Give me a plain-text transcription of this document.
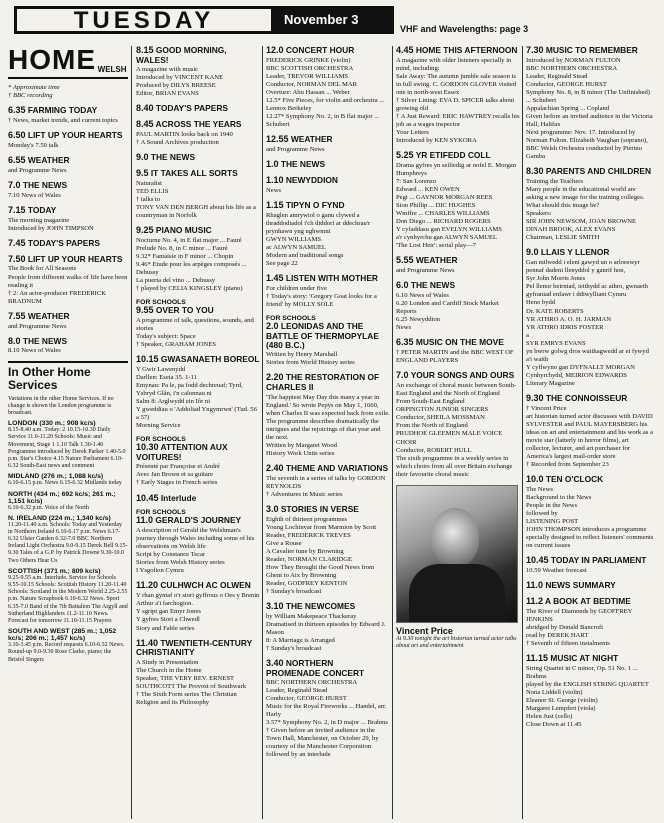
TUESDAY	November 3
VHF and Wavelengths: page 3
HOME WELSH
* Approximate time
† BBC recording
6.35 FARMING TODAY
† News, market trends, and current topics
6.50 LIFT UP YOUR HEARTS
Monday's 7.50 talk
6.55 WEATHER
and Programme News
7.0 THE NEWS
7.10 News of Wales
7.15 TODAY
The morning magazine
Introduced by JOHN TIMPSON
7.45 TODAY'S PAPERS
7.50 LIFT UP YOUR HEARTS
The Book for All Seasons
People from different walks of life have been reading it
† 2: An actor-producer FREDERICK BRADNUM
7.55 WEATHER
and Programme News
8.0 THE NEWS
8.10 News of Wales
In Other Home Services
Variations in the other Home Services. If no change is shown the London programme is broadcast.
LONDON (330 m.; 908 kc/s)
8.15-8.40 a.m. Today: 2 10.15-10.30 Daily Service 11.0-11.20 Schools: Music and Movement, Stage 1 1.10 Talk 1.30-1.40 Programme introduced by Derek Parker 1.40-5.0 p.m. Star's Choice 4.15 Nature Parliament 6.10-6.32 South-East news and comment
MIDLAND (276 m.; 1,088 kc/s)
6.10-6.15 p.m. News 6.15-6.32 Midlands today
NORTH (434 m.; 692 kc/s; 261 m.; 1,151 kc/s)
6.10-6.32 p.m. Voice of the North
N. IRELAND (224 m.; 1,340 kc/s)
11.20-11.40 a.m. Schools: Today and Yesterday in Northern Ireland 6.10-6.17 p.m. News 6.17-6.32 Ulster Garden 6.32-7.0 BBC Northern Ireland Light Orchestra 9.0-9.15 Derek Bell 9.15-9.30 Tales of a G.P. by Patrick Downe 9.30-10.0 Two Others Hear Us
SCOTTISH (371 m.; 809 kc/s)
9.25-9.55 a.m. Interlude. Service for Schools 9.55-10.15 Schools: Scottish History 11.20-11.40 Schools: Scotland in the Modern World 2.25-2.55 p.m. Nature Scrapbook 6.10-6.32 News. Sport 6.35-7.0 Band of the 7th Battalion The Argyll and Sutherland Highlanders 11.2-11.10 News. Forecast for tomorrow 11.10-11.15 Prayers
SOUTH AND WEST (285 m.; 1,052 kc/s; 206 m.; 1,457 kc/s)
3.10-3.45 p.m. Record requests 6.10-6.32 News. Round-up 9.0-9.30 Rose Clarke, piano; the Bristol Singers
8.15 GOOD MORNING, WALES!
A magazine with music
Introduced by VINCENT KANE
Produced by DILYS BREESE
Editor, BRIAN EVANS
8.40 TODAY'S PAPERS
8.45 ACROSS THE YEARS
PAUL MARTIN looks back on 1940
† A Sound Archives production
9.0 THE NEWS
9.5 IT TAKES ALL SORTS
Naturalist
TED ELLIS
† talks to
TONY VAN DEN BERGH about his life as a countryman in Norfolk
9.25 PIANO MUSIC
Nocturne No. 4, in E flat major ... Fauré
Prelude No. 8, in C minor ... Fauré
9.32* Fantaisie in F minor ... Chopin
9.46* Etude pour les arpèges composés ... Debussy
La puerta del vino ... Debussy
† played by CELIA KINGSLEY (piano)
FOR SCHOOLS
9.55 OVER TO YOU
A programme of talk, questions, sounds, and stories
Today's subject: Space
† Speaker, GRAHAM JONES
10.15 GWASANAETH BOREOL
Y Gwir Lawenydd
Darllen: Eseia 35. 1-11
Emynau: Pa le, pa fodd dechreuaf; Tyrd, Ysbryd Glân, i'n calonnau ni
Salm 8: Arglwydd ein Iôr ni
Y gweddïau o 'Addoliad Yngymrwn' (Tud. 56 a 57)
Morning Service
FOR SCHOOLS
10.30 ATTENTION AUX VOITURES!
Présenté par Françoise et André
Avec Jan Brown et sa guitare
† Early Stages in French series
10.45 Interlude
FOR SCHOOLS
11.0 GERALD'S JOURNEY
A description of Gerald the Welshman's journey through Wales including some of his observations on Welsh life
Script by Constance Tecar
Stories from Welsh History series
I Ysgolion Cymru
11.20 CULHWCH AC OLWEN
Y rhan gyntaf o'r stori gyffrous o Oes y Brenin Arthur a'i farchogion.
Y sgript gan Emyr Jones
Y gyfres Stori a Chwedl
Story and Fable series
11.40 TWENTIETH-CENTURY CHRISTIANITY
A Study in Presentation
The Church in the Home
Speaker, THE VERY REV. ERNEST SOUTHCOTT The Provost of Southwark
† The Sixth Form series The Christian Religion and its Philosophy
12.0 CONCERT HOUR
FREDERICK GRINKE (violin)
BBC SCOTTISH ORCHESTRA
Leader, TREVOR WILLIAMS
Conductor, NORMAN DEL MAR
Overture: Abu Hassan ... Weber
12.5* Five Pieces, for violin and orchestra ... Lennox Berkeley
12.27* Symphony No. 2, in B flat major ... Schubert
12.55 WEATHER
and Programme News
1.0 THE NEWS
1.10 NEWYDDION
News
1.15 TIPYN O FYND
Rhaglen amrywiol o ganu clywed a thraddodiadol i'ch diddori ar ddechrau'r prynhawn yng nghwmni
GWYN WILLIAMS
ac ALWYN SAMUEL
Modern and traditional songs
See page 22
1.45 LISTEN WITH MOTHER
For children under five
† Today's story: 'Gregory Goat looks for a friend' by MOLLY SOLE
FOR SCHOOLS
2.0 LEONIDAS AND THE BATTLE OF THERMOPYLAE (480 B.C.)
Written by Henry Marshall
Stories from World History series
2.20 THE RESTORATION OF CHARLES II
'The happiest May Day this many a year in England.' So wrote Pepys on May 1, 1660, when Charles II was expected back from exile. The programme describes dramatically the intrigues and the rejoicings of that year and the next.
Written by Margaret Wood
History Work Units series
2.40 THEME AND VARIATIONS
The seventh in a series of talks by GORDON REYNOLDS
† Adventures in Music series
3.0 STORIES IN VERSE
Eighth of thirteen programmes
Young Lochinvar from Marmion by Scott
Reader, FREDERICK TREVES
Give a Rouse
A Cavalier tune by Browning
Reader, NORMAN CLARIDGE
How They Brought the Good News from Ghent to Aix by Browning
Reader, GODFREY KENTON
† Sunday's broadcast
3.10 THE NEWCOMES
by William Makepeace Thackeray
Dramatised in thirteen episodes by Edward J. Mason
8: A Marriage is Arranged
† Sunday's broadcast
3.40 NORTHERN PROMENADE CONCERT
BBC NORTHERN ORCHESTRA
Leader, Reginald Stead
Conductor, GEORGE HURST
Music for the Royal Fireworks ... Handel, arr. Harty
3.57* Symphony No. 2, in D major ... Brahms
† Given before an invited audience in the Town Hall, Manchester, on October 29, by courtesy of the Manchester Corporation
followed by an interlude
4.45 HOME THIS AFTERNOON
A magazine with older listeners specially in mind, including:
Sale Away: The autumn jumble sale season is in full swing. C. GORDON GLOVER visited one in north-west Essex
† Silver Lining: EVA D. SPICER talks about growing old
† A Just Reward: ERIC HAWTREY recalls his job as a wages inspector
Your Letters
Introduced by KEN SYKORA
5.25 YR ETIFEDD COLL
Drama gyfres yn seiliedig ar nofel E. Morgan Humphreys
7: San Lorenzo
Edward ... KEN OWEN
Pegi ... GAYNOR MORGAN REES
Sion Phillip ... DIC HUGHES
Wmffre ... CHARLES WILLIAMS
Don Diego ... RICHARD ROGERS
Y cyfaddasu gan EVELYN WILLIAMS
a'r cynhyrchu gan ALWYN SAMUEL
'The Lost Heir': serial play—7
5.55 WEATHER
and Programme News
6.0 THE NEWS
6.10 News of Wales
6.20 London and Cardiff Stock Market Reports
6.25 Newyddion
News
6.35 MUSIC ON THE MOVE
† PETER MARTIN and the BBC WEST OF ENGLAND PLAYERS
7.0 YOUR SONGS AND OURS
An exchange of choral music between South-East England and the North of England
From South-East England
ORPINGTON JUNIOR SINGERS
Conductor, SHEILA MOSSMAN
From the North of England
PRUDHOE GLEEMEN MALE VOICE CHOIR
Conductor, ROBERT HULL
The sixth programme in a weekly series in which choirs from all over Britain exchange their favourite choral music
Vincent Price
At 9.30 tonight the art historian turned actor talks about art and entertainment
7.30 MUSIC TO REMEMBER
Introduced by NORMAN FULTON
BBC NORTHERN ORCHESTRA
Leader, Reginald Stead
Conductor, GEORGE HURST
Symphony No. 8, in B minor (The Unfinished) ... Schubert
Appalachian Spring ... Copland
Given before an invited audience in the Victoria Hall, Halifax
Next programme: Nov. 17. Introduced by Norman Fulton. Elizabeth Vaughan (soprano), BBC Welsh Orchestra conducted by Pierino Gamba
8.30 PARENTS AND CHILDREN
Training the Teachers
Many people in the educational world are asking a new image for the training colleges. What should this image be?
Speakers:
SIR JOHN NEWSOM, JOAN BROWNE
DINAH BROOK, ALEX EVANS
Chairman, LESLIE SMITH
9.0 LLAIS Y LLENOR
Gan milwedd i eleni gawyd un o arloeswyr pennaf dadeni llenyddol y ganrif hon,
Syr John Morris Jones
Pel llenor beirniad, ieithydd ac athro, gwnaeth gyfraniad enfawr i ddiwylliant Cymru
Heno bydd
Dr. KATE ROBERTS
YR ATHRO A. O. H. JARMAN
YR ATHRO IDRIS FOSTER
a
SYR EMRYS EVANS
yn bwrw golwg dros waithagwedd ar ei fywyd a'i waith
Y cyflwyno gan DYFNALLT MORGAN
Cynhyrchydd, MEIRION EDWARDS
Literary Magazine
9.30 THE CONNOISSEUR
† Vincent Price
art historian turned actor discusses with DAVID SYLVESTER and PAUL MAYERSBERG his ideas on art and entertainment and his work as a movie star (latterly in horror films), art collector, lecturer, and art purchaser for America's largest mail-order store
† Recorded from September 23
10.0 TEN O'CLOCK
The News
Background to the News
People in the News
followed by
LISTENING POST
JOHN THOMPSON introduces a programme specially designed to reflect listeners' comments on current issues
10.45 TODAY IN PARLIAMENT
10.59 Weather forecast
11.0 NEWS SUMMARY
11.2 A BOOK AT BEDTIME
The River of Diamonds by GEOFFREY JENKINS
abridged by Donald Bancroft
read by DEREK HART
† Seventh of fifteen instalments
11.15 MUSIC AT NIGHT
String Quartet in C minor, Op. 51 No. 1 ... Brahms
played by the ENGLISH STRING QUARTET
Nona Liddell (violin)
Eleanor St. George (violin)
Margaret Lempfert (viola)
Helen Just (cello)
Close Down at 11.45
